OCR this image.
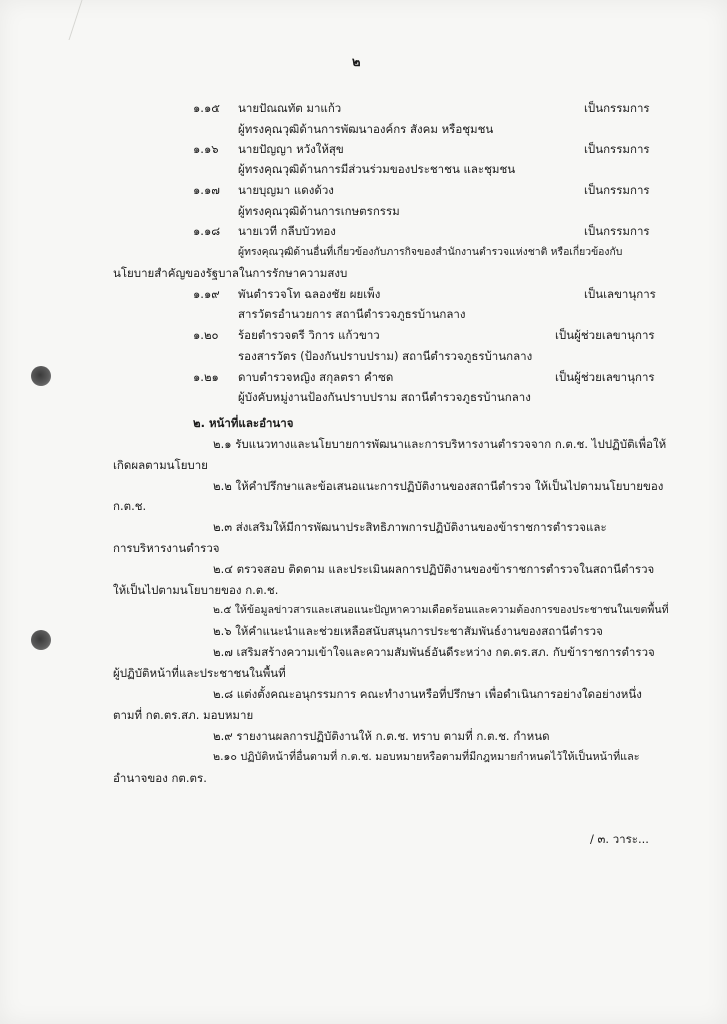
๒
๑.๑๕ นายปัณณทัต มาแก้ว	เป็นกรรมการ
ผู้ทรงคุณวุฒิด้านการพัฒนาองค์กร สังคม หรือชุมชน
๑.๑๖ นายปัญญา หวังให้สุข	เป็นกรรมการ
ผู้ทรงคุณวุฒิด้านการมีส่วนร่วมของประชาชน และชุมชน
๑.๑๗ นายบุญมา แดงด้วง	เป็นกรรมการ
ผู้ทรงคุณวุฒิด้านการเกษตรกรรม
๑.๑๘ นายเวที กลีบบัวทอง	เป็นกรรมการ
ผู้ทรงคุณวุฒิด้านอื่นที่เกี่ยวข้องกับภารกิจของสำนักงานตำรวจแห่งชาติ หรือเกี่ยวข้องกับ
นโยบายสำคัญของรัฐบาลในการรักษาความสงบ
๑.๑๙ พันตำรวจโท ฉลองชัย ผยเพ็ง	เป็นเลขานุการ
สารวัตรอำนวยการ สถานีตำรวจภูธรบ้านกลาง
๑.๒๐ ร้อยตำรวจตรี วิการ แก้วขาว	เป็นผู้ช่วยเลขานุการ
รองสารวัตร (ป้องกันปราบปราม) สถานีตำรวจภูธรบ้านกลาง
๑.๒๑ ดาบตำรวจหญิง สกุลตรา คำซด	เป็นผู้ช่วยเลขานุการ
ผู้บังคับหมู่งานป้องกันปราบปราม สถานีตำรวจภูธรบ้านกลาง
๒. หน้าที่และอำนาจ
๒.๑ รับแนวทางและนโยบายการพัฒนาและการบริหารงานตำรวจจาก ก.ต.ช. ไปปฏิบัติเพื่อให้
เกิดผลตามนโยบาย
๒.๒ ให้คำปรึกษาและข้อเสนอแนะการปฏิบัติงานของสถานีตำรวจ ให้เป็นไปตามนโยบายของ
ก.ต.ช.
๒.๓ ส่งเสริมให้มีการพัฒนาประสิทธิภาพการปฏิบัติงานของข้าราชการตำรวจและ
การบริหารงานตำรวจ
๒.๔ ตรวจสอบ ติดตาม และประเมินผลการปฏิบัติงานของข้าราชการตำรวจในสถานีตำรวจ
ให้เป็นไปตามนโยบายของ ก.ต.ช.
๒.๕ ให้ข้อมูลข่าวสารและเสนอแนะปัญหาความเดือดร้อนและความต้องการของประชาชนในเขตพื้นที่
๒.๖ ให้คำแนะนำและช่วยเหลือสนับสนุนการประชาสัมพันธ์งานของสถานีตำรวจ
๒.๗ เสริมสร้างความเข้าใจและความสัมพันธ์อันดีระหว่าง กต.ตร.สภ. กับข้าราชการตำรวจ
ผู้ปฏิบัติหน้าที่และประชาชนในพื้นที่
๒.๘ แต่งตั้งคณะอนุกรรมการ คณะทำงานหรือที่ปรึกษา เพื่อดำเนินการอย่างใดอย่างหนึ่ง
ตามที่ กต.ตร.สภ. มอบหมาย
๒.๙ รายงานผลการปฏิบัติงานให้ ก.ต.ช. ทราบ ตามที่ ก.ต.ช. กำหนด
๒.๑๐ ปฏิบัติหน้าที่อื่นตามที่ ก.ต.ช. มอบหมายหรือตามที่มีกฎหมายกำหนดไว้ให้เป็นหน้าที่และ
อำนาจของ กต.ตร.
/ ๓. วาระ...
